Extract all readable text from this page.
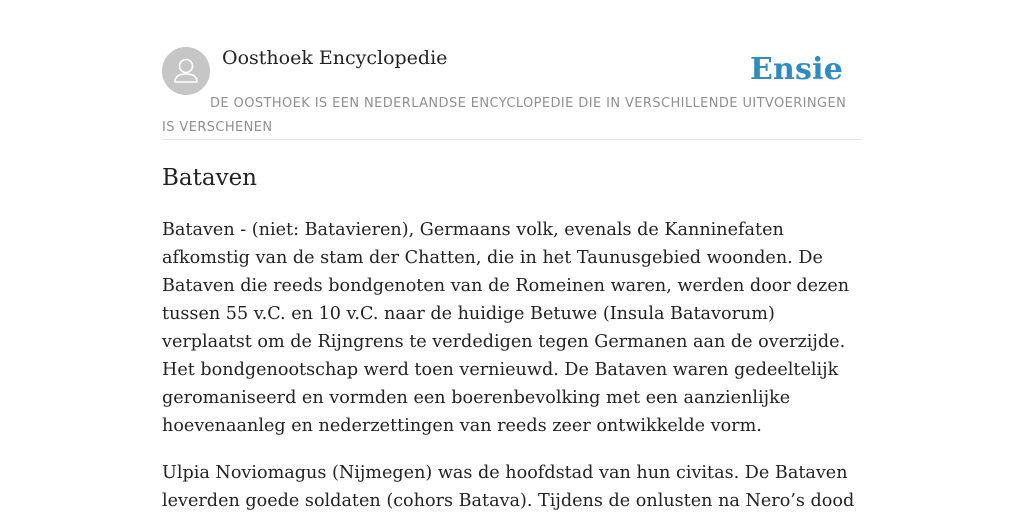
Oosthoek Encyclopedie	Ensie
DE OOSTHOEK IS EEN NEDERLANDSE ENCYCLOPEDIE DIE IN VERSCHILLENDE UITVOERINGEN IS VERSCHENEN
Bataven

Bataven - (niet: Batavieren), Germaans volk, evenals de Kanninefaten afkomstig van de stam der Chatten, die in het Taunusgebied woonden. De Bataven die reeds bondgenoten van de Romeinen waren, werden door dezen tussen 55 v.C. en 10 v.C. naar de huidige Betuwe (Insula Batavorum) verplaatst om de Rijngrens te verdedigen tegen Germanen aan de overzijde. Het bondgenootschap werd toen vernieuwd. De Bataven waren gedeeltelijk geromaniseerd en vormden een boerenbevolking met een aanzienlijke hoevenaanleg en nederzettingen van reeds zeer ontwikkelde vorm.

Ulpia Noviomagus (Nijmegen) was de hoofdstad van hun civitas. De Bataven leverden goede soldaten (cohors Batava). Tijdens de onlusten na Nero’s dood
